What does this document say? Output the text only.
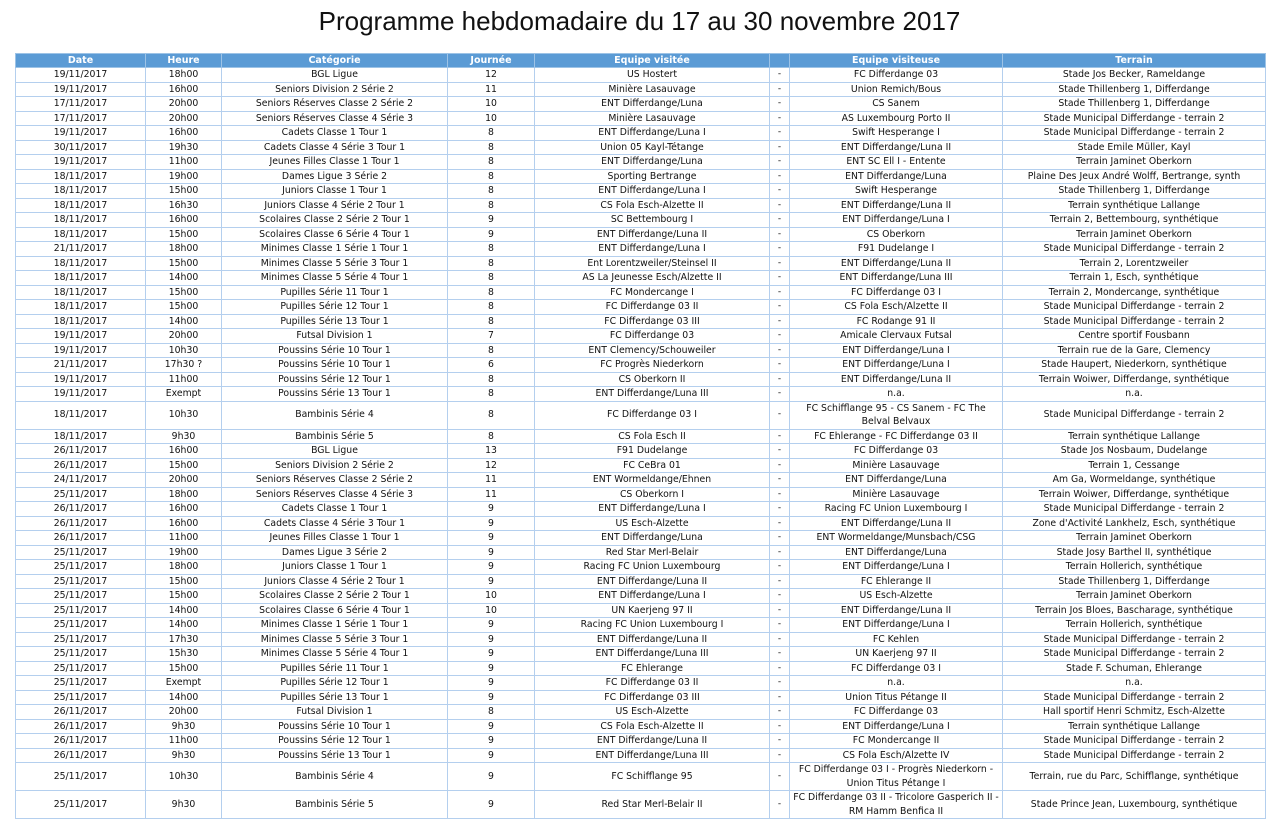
Programme hebdomadaire du 17 au 30 novembre 2017
Date	Heure	Catégorie	Journée	Equipe visitée		Equipe visiteuse	Terrain
19/11/2017	18h00	BGL Ligue	12	US Hostert	-	FC Differdange 03	Stade Jos Becker, Rameldange
19/11/2017	16h00	Seniors Division 2 Série 2	11	Minière Lasauvage	-	Union Remich/Bous	Stade Thillenberg 1, Differdange
17/11/2017	20h00	Seniors Réserves Classe 2 Série 2	10	ENT Differdange/Luna	-	CS Sanem	Stade Thillenberg 1, Differdange
17/11/2017	20h00	Seniors Réserves Classe 4 Série 3	10	Minière Lasauvage	-	AS Luxembourg Porto II	Stade Municipal Differdange - terrain 2
19/11/2017	16h00	Cadets Classe 1 Tour 1	8	ENT Differdange/Luna I	-	Swift Hesperange I	Stade Municipal Differdange - terrain 2
30/11/2017	19h30	Cadets Classe 4 Série 3 Tour 1	8	Union 05 Kayl-Tétange	-	ENT Differdange/Luna II	Stade Emile Müller, Kayl
19/11/2017	11h00	Jeunes Filles Classe 1 Tour 1	8	ENT Differdange/Luna	-	ENT SC Ell I - Entente	Terrain Jaminet Oberkorn
18/11/2017	19h00	Dames Ligue 3 Série 2	8	Sporting Bertrange	-	ENT Differdange/Luna	Plaine Des Jeux André Wolff, Bertrange, synth
18/11/2017	15h00	Juniors Classe 1 Tour 1	8	ENT Differdange/Luna I	-	Swift Hesperange	Stade Thillenberg 1, Differdange
18/11/2017	16h30	Juniors Classe 4 Série 2 Tour 1	8	CS Fola Esch-Alzette II	-	ENT Differdange/Luna II	Terrain synthétique Lallange
18/11/2017	16h00	Scolaires Classe 2 Série 2 Tour 1	9	SC Bettembourg I	-	ENT Differdange/Luna I	Terrain 2, Bettembourg, synthétique
18/11/2017	15h00	Scolaires Classe 6 Série 4 Tour 1	9	ENT Differdange/Luna II	-	CS Oberkorn	Terrain Jaminet Oberkorn
21/11/2017	18h00	Minimes Classe 1 Série 1 Tour 1	8	ENT Differdange/Luna I	-	F91 Dudelange I	Stade Municipal Differdange - terrain 2
18/11/2017	15h00	Minimes Classe 5 Série 3 Tour 1	8	Ent Lorentzweiler/Steinsel II	-	ENT Differdange/Luna II	Terrain 2, Lorentzweiler
18/11/2017	14h00	Minimes Classe 5 Série 4 Tour 1	8	AS La Jeunesse Esch/Alzette II	-	ENT Differdange/Luna III	Terrain 1, Esch, synthétique
18/11/2017	15h00	Pupilles Série 11 Tour 1	8	FC Mondercange I	-	FC Differdange 03 I	Terrain 2, Mondercange, synthétique
18/11/2017	15h00	Pupilles Série 12 Tour 1	8	FC Differdange 03 II	-	CS Fola Esch/Alzette II	Stade Municipal Differdange - terrain 2
18/11/2017	14h00	Pupilles Série 13 Tour 1	8	FC Differdange 03 III	-	FC Rodange 91 II	Stade Municipal Differdange - terrain 2
19/11/2017	20h00	Futsal Division 1	7	FC Differdange 03	-	Amicale Clervaux Futsal	Centre sportif Fousbann
19/11/2017	10h30	Poussins Série 10 Tour 1	8	ENT Clemency/Schouweiler	-	ENT Differdange/Luna I	Terrain rue de la Gare, Clemency
21/11/2017	17h30 ?	Poussins Série 10 Tour 1	6	FC Progrès Niederkorn	-	ENT Differdange/Luna I	Stade Haupert, Niederkorn, synthétique
19/11/2017	11h00	Poussins Série 12 Tour 1	8	CS Oberkorn II	-	ENT Differdange/Luna II	Terrain Woiwer, Differdange, synthétique
19/11/2017	Exempt	Poussins Série 13 Tour 1	8	ENT Differdange/Luna III	-	n.a.	n.a.
18/11/2017	10h30	Bambinis Série 4	8	FC Differdange 03 I	-	FC Schifflange 95 - CS Sanem - FC The Belval Belvaux	Stade Municipal Differdange - terrain 2
18/11/2017	9h30	Bambinis Série 5	8	CS Fola Esch II	-	FC Ehlerange - FC Differdange 03 II	Terrain synthétique Lallange
26/11/2017	16h00	BGL Ligue	13	F91 Dudelange	-	FC Differdange 03	Stade Jos Nosbaum, Dudelange
26/11/2017	15h00	Seniors Division 2 Série 2	12	FC CeBra 01	-	Minière Lasauvage	Terrain 1, Cessange
24/11/2017	20h00	Seniors Réserves Classe 2 Série 2	11	ENT Wormeldange/Ehnen	-	ENT Differdange/Luna	Am Ga, Wormeldange, synthétique
25/11/2017	18h00	Seniors Réserves Classe 4 Série 3	11	CS Oberkorn I	-	Minière Lasauvage	Terrain Woiwer, Differdange, synthétique
26/11/2017	16h00	Cadets Classe 1 Tour 1	9	ENT Differdange/Luna I	-	Racing FC Union Luxembourg I	Stade Municipal Differdange - terrain 2
26/11/2017	16h00	Cadets Classe 4 Série 3 Tour 1	9	US Esch-Alzette	-	ENT Differdange/Luna II	Zone d'Activité Lankhelz, Esch, synthétique
26/11/2017	11h00	Jeunes Filles Classe 1 Tour 1	9	ENT Differdange/Luna	-	ENT Wormeldange/Munsbach/CSG	Terrain Jaminet Oberkorn
25/11/2017	19h00	Dames Ligue 3 Série 2	9	Red Star Merl-Belair	-	ENT Differdange/Luna	Stade Josy Barthel II, synthétique
25/11/2017	18h00	Juniors Classe 1 Tour 1	9	Racing FC Union Luxembourg	-	ENT Differdange/Luna I	Terrain Hollerich, synthétique
25/11/2017	15h00	Juniors Classe 4 Série 2 Tour 1	9	ENT Differdange/Luna II	-	FC Ehlerange II	Stade Thillenberg 1, Differdange
25/11/2017	15h00	Scolaires Classe 2 Série 2 Tour 1	10	ENT Differdange/Luna I	-	US Esch-Alzette	Terrain Jaminet Oberkorn
25/11/2017	14h00	Scolaires Classe 6 Série 4 Tour 1	10	UN Kaerjeng 97 II	-	ENT Differdange/Luna II	Terrain Jos Bloes, Bascharage, synthétique
25/11/2017	14h00	Minimes Classe 1 Série 1 Tour 1	9	Racing FC Union Luxembourg I	-	ENT Differdange/Luna I	Terrain Hollerich, synthétique
25/11/2017	17h30	Minimes Classe 5 Série 3 Tour 1	9	ENT Differdange/Luna II	-	FC Kehlen	Stade Municipal Differdange - terrain 2
25/11/2017	15h30	Minimes Classe 5 Série 4 Tour 1	9	ENT Differdange/Luna III	-	UN Kaerjeng 97 II	Stade Municipal Differdange - terrain 2
25/11/2017	15h00	Pupilles Série 11 Tour 1	9	FC Ehlerange	-	FC Differdange 03 I	Stade F. Schuman, Ehlerange
25/11/2017	Exempt	Pupilles Série 12 Tour 1	9	FC Differdange 03 II	-	n.a.	n.a.
25/11/2017	14h00	Pupilles Série 13 Tour 1	9	FC Differdange 03 III	-	Union Titus Pétange II	Stade Municipal Differdange - terrain 2
26/11/2017	20h00	Futsal Division 1	8	US Esch-Alzette	-	FC Differdange 03	Hall sportif Henri Schmitz, Esch-Alzette
26/11/2017	9h30	Poussins Série 10 Tour 1	9	CS Fola Esch-Alzette II	-	ENT Differdange/Luna I	Terrain synthétique Lallange
26/11/2017	11h00	Poussins Série 12 Tour 1	9	ENT Differdange/Luna II	-	FC Mondercange II	Stade Municipal Differdange - terrain 2
26/11/2017	9h30	Poussins Série 13 Tour 1	9	ENT Differdange/Luna III	-	CS Fola Esch/Alzette IV	Stade Municipal Differdange - terrain 2
25/11/2017	10h30	Bambinis Série 4	9	FC Schifflange 95	-	FC Differdange 03 I - Progrès Niederkorn - Union Titus Pétange I	Terrain, rue du Parc, Schifflange, synthétique
25/11/2017	9h30	Bambinis Série 5	9	Red Star Merl-Belair II	-	FC Differdange 03 II - Tricolore Gasperich II - RM Hamm Benfica II	Stade Prince Jean, Luxembourg, synthétique
